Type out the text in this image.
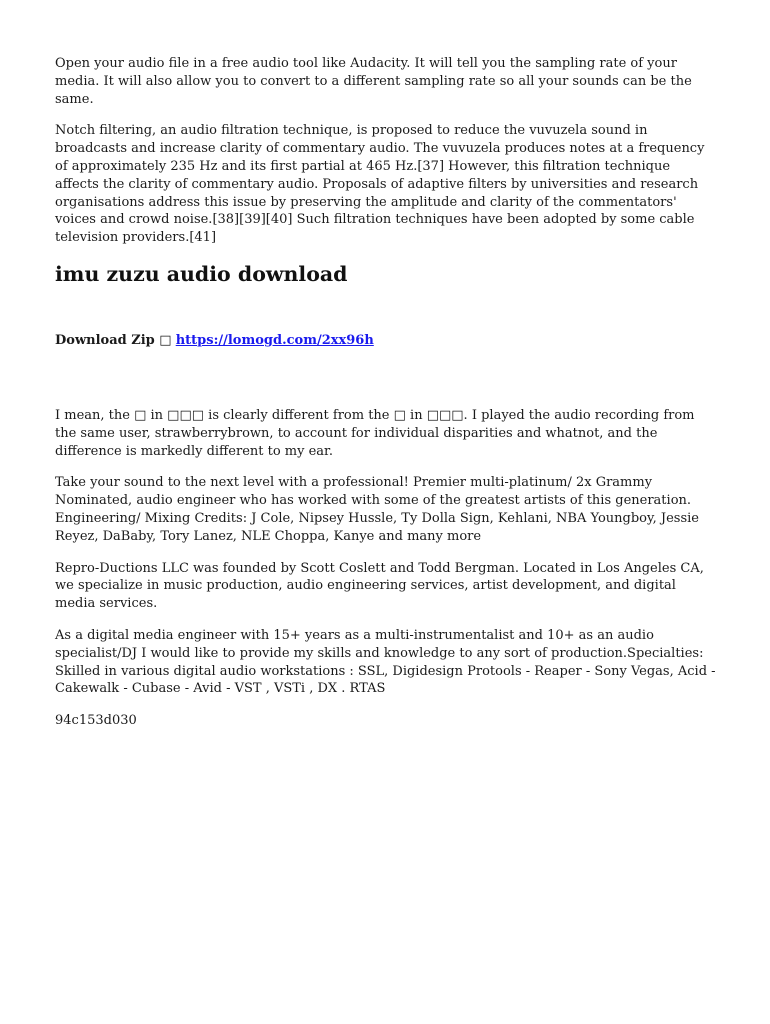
Open your audio file in a free audio tool like Audacity. It will tell you the sampling rate of your media. It will also allow you to convert to a different sampling rate so all your sounds can be the same.

Notch filtering, an audio filtration technique, is proposed to reduce the vuvuzela sound in broadcasts and increase clarity of commentary audio. The vuvuzela produces notes at a frequency of approximately 235 Hz and its first partial at 465 Hz.[37] However, this filtration technique affects the clarity of commentary audio. Proposals of adaptive filters by universities and research organisations address this issue by preserving the amplitude and clarity of the commentators' voices and crowd noise.[38][39][40] Such filtration techniques have been adopted by some cable television providers.[41]

imu zuzu audio download

Download Zip □ https://lomogd.com/2xx96h

I mean, the □ in □□□ is clearly different from the □ in □□□. I played the audio recording from the same user, strawberrybrown, to account for individual disparities and whatnot, and the difference is markedly different to my ear.

Take your sound to the next level with a professional! Premier multi-platinum/ 2x Grammy Nominated, audio engineer who has worked with some of the greatest artists of this generation. Engineering/ Mixing Credits: J Cole, Nipsey Hussle, Ty Dolla Sign, Kehlani, NBA Youngboy, Jessie Reyez, DaBaby, Tory Lanez, NLE Choppa, Kanye and many more

Repro-Ductions LLC was founded by Scott Coslett and Todd Bergman. Located in Los Angeles CA, we specialize in music production, audio engineering services, artist development, and digital media services.

As a digital media engineer with 15+ years as a multi-instrumentalist and 10+ as an audio specialist/DJ I would like to provide my skills and knowledge to any sort of production.Specialties: Skilled in various digital audio workstations : SSL, Digidesign Protools - Reaper - Sony Vegas, Acid - Cakewalk - Cubase - Avid - VST , VSTi , DX . RTAS

94c153d030
